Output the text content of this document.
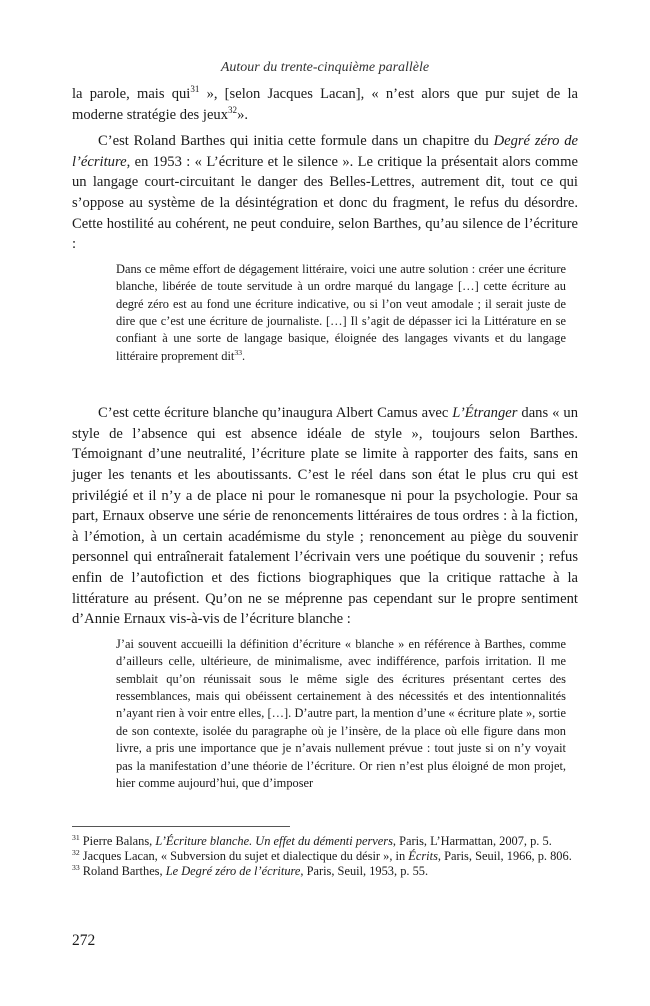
Autour du trente-cinquième parallèle

la parole, mais qui$^{31}$ », [selon Jacques Lacan], « n’est alors que pur sujet de la moderne stratégie des jeux$^{32}$».

C’est Roland Barthes qui initia cette formule dans un chapitre du Degré zéro de l’écriture, en 1953 : « L’écriture et le silence ». Le critique la présentait alors comme un langage court-circuitant le danger des Belles-Lettres, autrement dit, tout ce qui s’oppose au système de la désintégration et donc du fragment, le refus du désordre. Cette hostilité au cohérent, ne peut conduire, selon Barthes, qu’au silence de l’écriture :

Dans ce même effort de dégagement littéraire, voici une autre solution : créer une écriture blanche, libérée de toute servitude à un ordre marqué du langage […] cette écriture au degré zéro est au fond une écriture indicative, ou si l’on veut amodale ; il serait juste de dire que c’est une écriture de journaliste. […] Il s’agit de dépasser ici la Littérature en se confiant à une sorte de langage basique, éloignée des langages vivants et du langage littéraire proprement dit$^{33}$.

C’est cette écriture blanche qu’inaugura Albert Camus avec L’Étranger dans « un style de l’absence qui est absence idéale de style », toujours selon Barthes. Témoignant d’une neutralité, l’écriture plate se limite à rapporter des faits, sans en juger les tenants et les aboutissants. C’est le réel dans son état le plus cru qui est privilégié et il n’y a de place ni pour le romanesque ni pour la psychologie. Pour sa part, Ernaux observe une série de renoncements littéraires de tous ordres : à la fiction, à l’émotion, à un certain académisme du style ; renoncement au piège du souvenir personnel qui entraînerait fatalement l’écrivain vers une poétique du souvenir ; refus enfin de l’autofiction et des fictions biographiques que la critique rattache à la littérature au présent. Qu’on ne se méprenne pas cependant sur le propre sentiment d’Annie Ernaux vis-à-vis de l’écriture blanche :

J’ai souvent accueilli la définition d’écriture « blanche » en référence à Barthes, comme d’ailleurs celle, ultérieure, de minimalisme, avec indifférence, parfois irritation. Il me semblait qu’on réunissait sous le même sigle des écritures présentant certes des ressemblances, mais qui obéissent certainement à des nécessités et des intentionnalités n’ayant rien à voir entre elles, […]. D’autre part, la mention d’une « écriture plate », sortie de son contexte, isolée du paragraphe où je l’insère, de la place où elle figure dans mon livre, a pris une importance que je n’avais nullement prévue : tout juste si on n’y voyait pas la manifestation d’une théorie de l’écriture. Or rien n’est plus éloigné de mon projet, hier comme aujourd’hui, que d’imposer

$^{31}$ Pierre Balans, L’Écriture blanche. Un effet du démenti pervers, Paris, L’Harmattan, 2007, p. 5.

$^{32}$ Jacques Lacan, « Subversion du sujet et dialectique du désir », in Écrits, Paris, Seuil, 1966, p. 806.

$^{33}$ Roland Barthes, Le Degré zéro de l’écriture, Paris, Seuil, 1953, p. 55.

272
